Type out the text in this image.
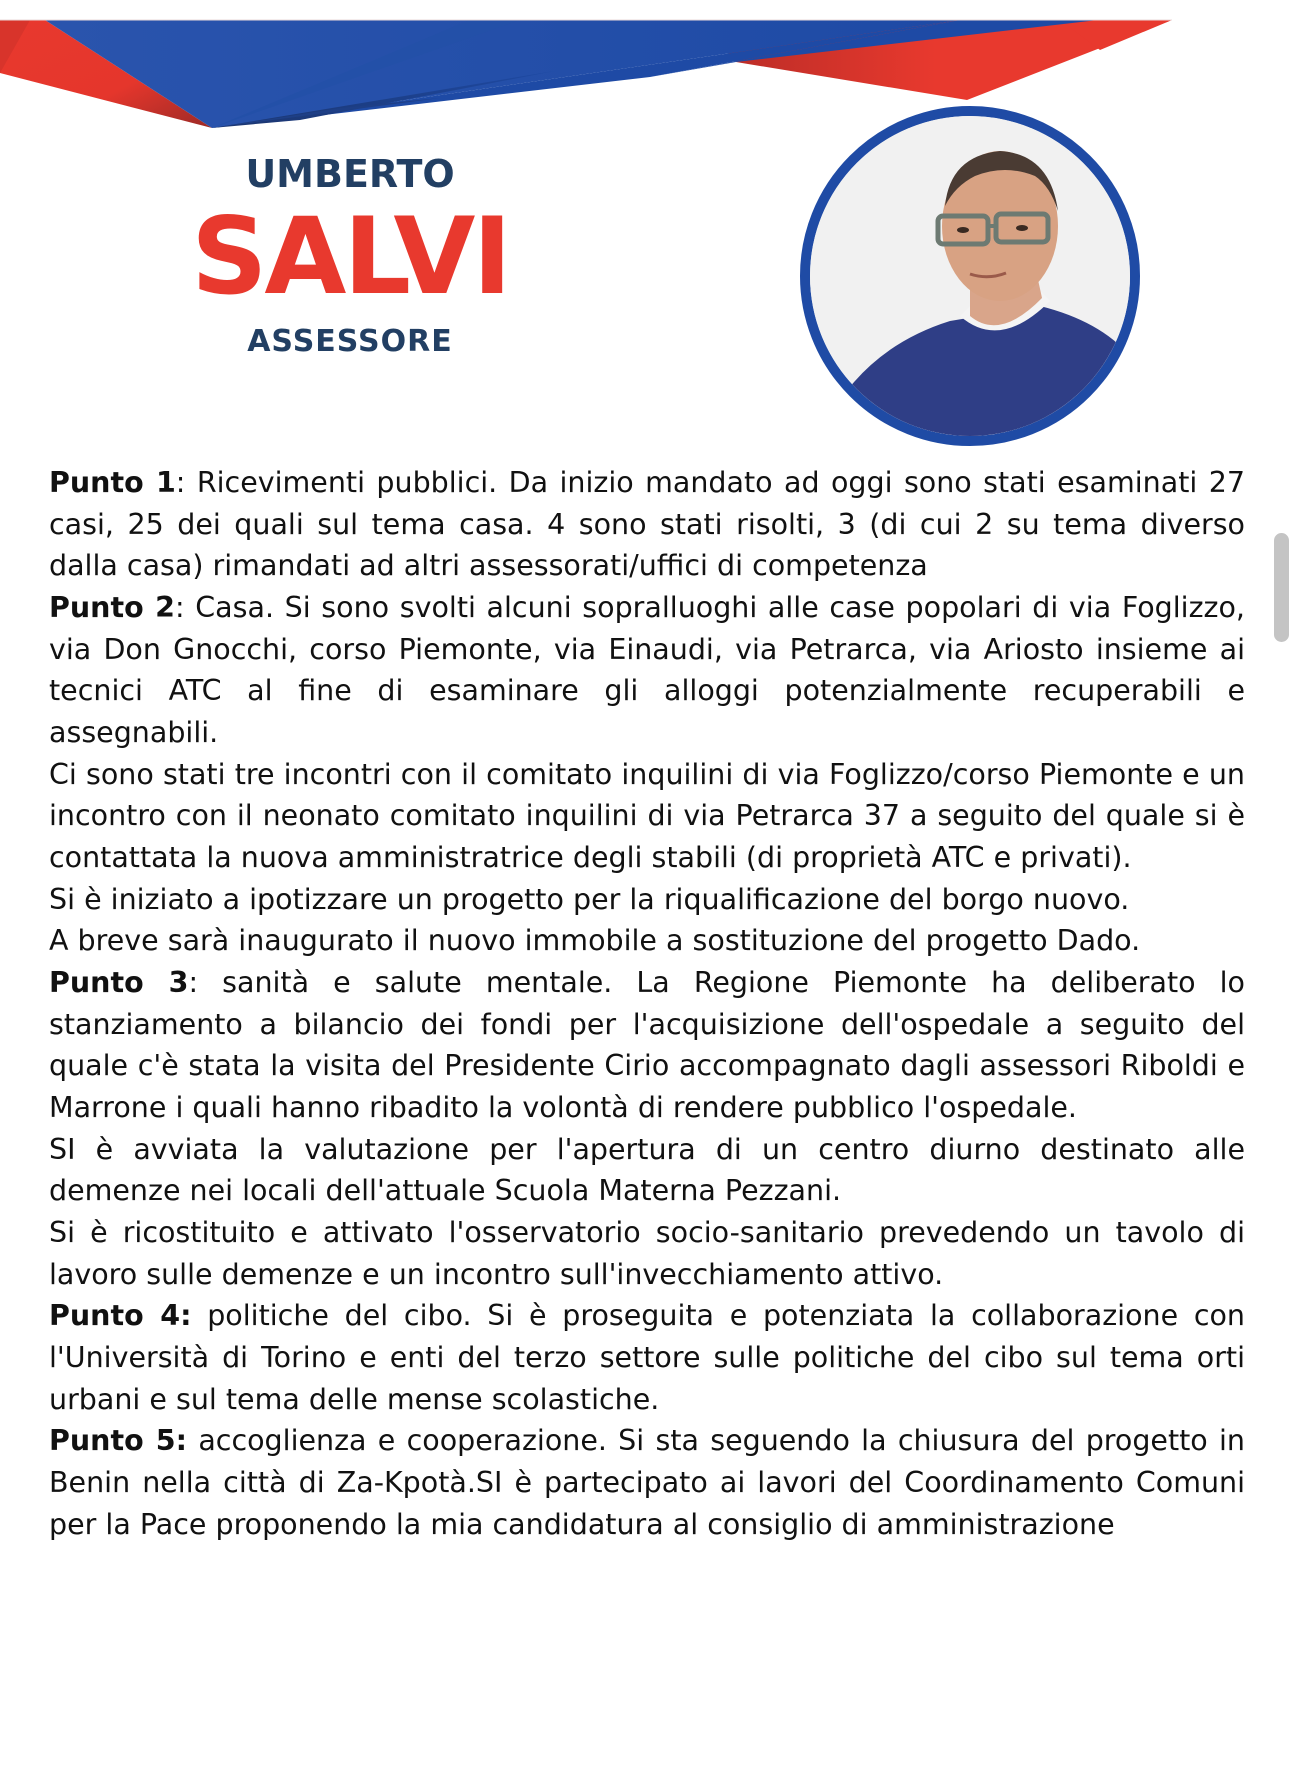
UMBERTO
SALVI
ASSESSORE

Punto 1: Ricevimenti pubblici. Da inizio mandato ad oggi sono stati esaminati 27 casi, 25 dei quali sul tema casa. 4 sono stati risolti, 3 (di cui 2 su tema diverso dalla casa) rimandati ad altri assessorati/uffici di competenza

Punto 2: Casa. Si sono svolti alcuni sopralluoghi alle case popolari di via Foglizzo, via Don Gnocchi, corso Piemonte, via Einaudi, via Petrarca, via Ariosto insieme ai tecnici ATC al fine di esaminare gli alloggi potenzialmente recuperabili e assegnabili.

Ci sono stati tre incontri con il comitato inquilini di via Foglizzo/corso Piemonte e un incontro con il neonato comitato inquilini di via Petrarca 37 a seguito del quale si è contattata la nuova amministratrice degli stabili (di proprietà ATC e privati).

Si è iniziato a ipotizzare un progetto per la riqualificazione del borgo nuovo.

A breve sarà inaugurato il nuovo immobile a sostituzione del progetto Dado.

Punto 3: sanità e salute mentale. La Regione Piemonte ha deliberato lo stanziamento a bilancio dei fondi per l'acquisizione dell'ospedale a seguito del quale c'è stata la visita del Presidente Cirio accompagnato dagli assessori Riboldi e Marrone i quali hanno ribadito la volontà di rendere pubblico l'ospedale.

SI è avviata la valutazione per l'apertura di un centro diurno destinato alle demenze nei locali dell'attuale Scuola Materna Pezzani.

Si è ricostituito e attivato l'osservatorio socio-sanitario prevedendo un tavolo di lavoro sulle demenze e un incontro sull'invecchiamento attivo.

Punto 4: politiche del cibo. Si è proseguita e potenziata la collaborazione con l'Università di Torino e enti del terzo settore sulle politiche del cibo sul tema orti urbani e sul tema delle mense scolastiche.

Punto 5: accoglienza e cooperazione. Si sta seguendo la chiusura del progetto in Benin nella città di Za-Kpotà.SI è partecipato ai lavori del Coordinamento Comuni per la Pace proponendo la mia candidatura al consiglio di amministrazione
